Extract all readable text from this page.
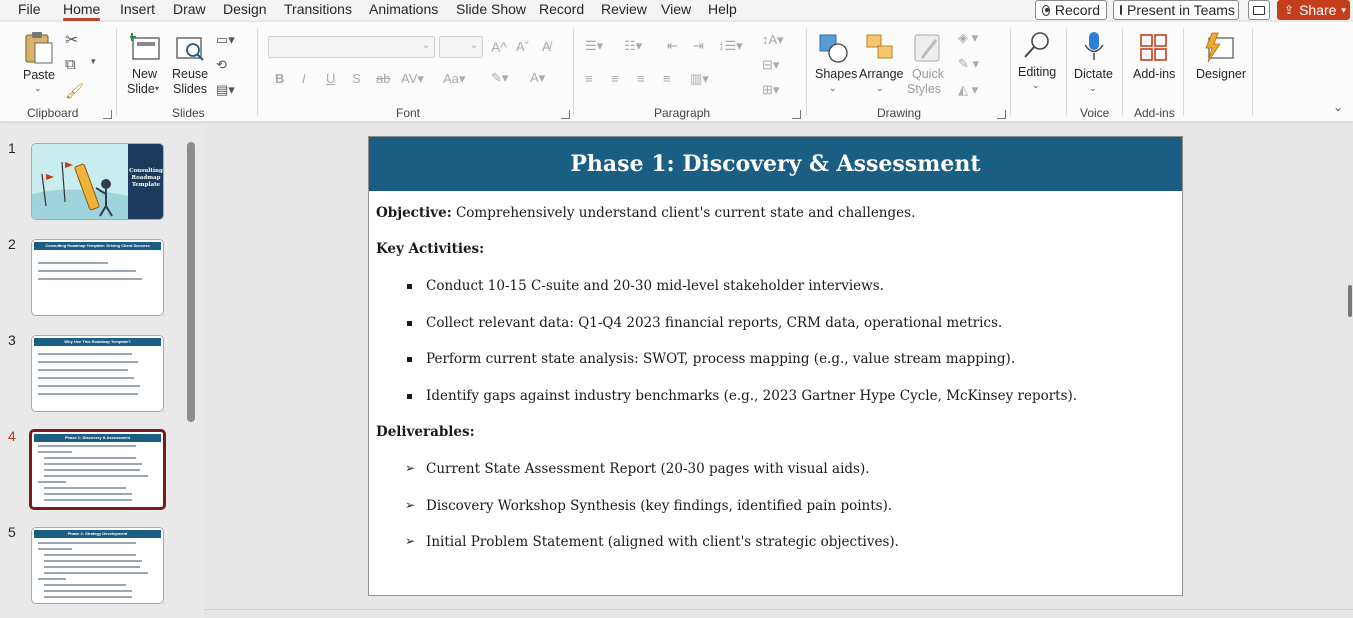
File Home Insert Draw Design Transitions Animations Slide Show Record Review View Help	Record Present in Teams	⇪ Share ▾
Paste
⌄
✂
⧉ ▾
🖌
Clipboard
New
Slide ▾
Reuse
Slides
▭▾
⟲
▤▾
Slides
⌄	⌄ A^ Aˇ A̸
B I U S ab AV▾ Aa▾ ✎▾ A▾
Font
☰▾ ☷▾ ⇤ ⇥ ↕☰▾
≡ ≡ ≡ ≡ ▥▾
↕A▾
⊟▾
⊞▾
Paragraph
Shapes
⌄
Arrange
⌄
Quick
Styles
◈ ▾
✎ ▾
◭ ▾
Drawing
Editing
⌄
Dictate
⌄
Voice
Add-ins
Add-ins
Designer
⌄
1
Consulting Roadmap Template
2	Consulting Roadmap Template: Driving Client Success
3	Why Use This Roadmap Template?
4	Phase 1: Discovery & Assessment
5	Phase 2: Strategy Development
Phase 1: Discovery & Assessment
Objective: Comprehensively understand client's current state and challenges.
Key Activities:
Conduct 10-15 C-suite and 20-30 mid-level stakeholder interviews.
Collect relevant data: Q1-Q4 2023 financial reports, CRM data, operational metrics.
Perform current state analysis: SWOT, process mapping (e.g., value stream mapping).
Identify gaps against industry benchmarks (e.g., 2023 Gartner Hype Cycle, McKinsey reports).
Deliverables:
➢ Current State Assessment Report (20-30 pages with visual aids).
➢ Discovery Workshop Synthesis (key findings, identified pain points).
➢ Initial Problem Statement (aligned with client's strategic objectives).
